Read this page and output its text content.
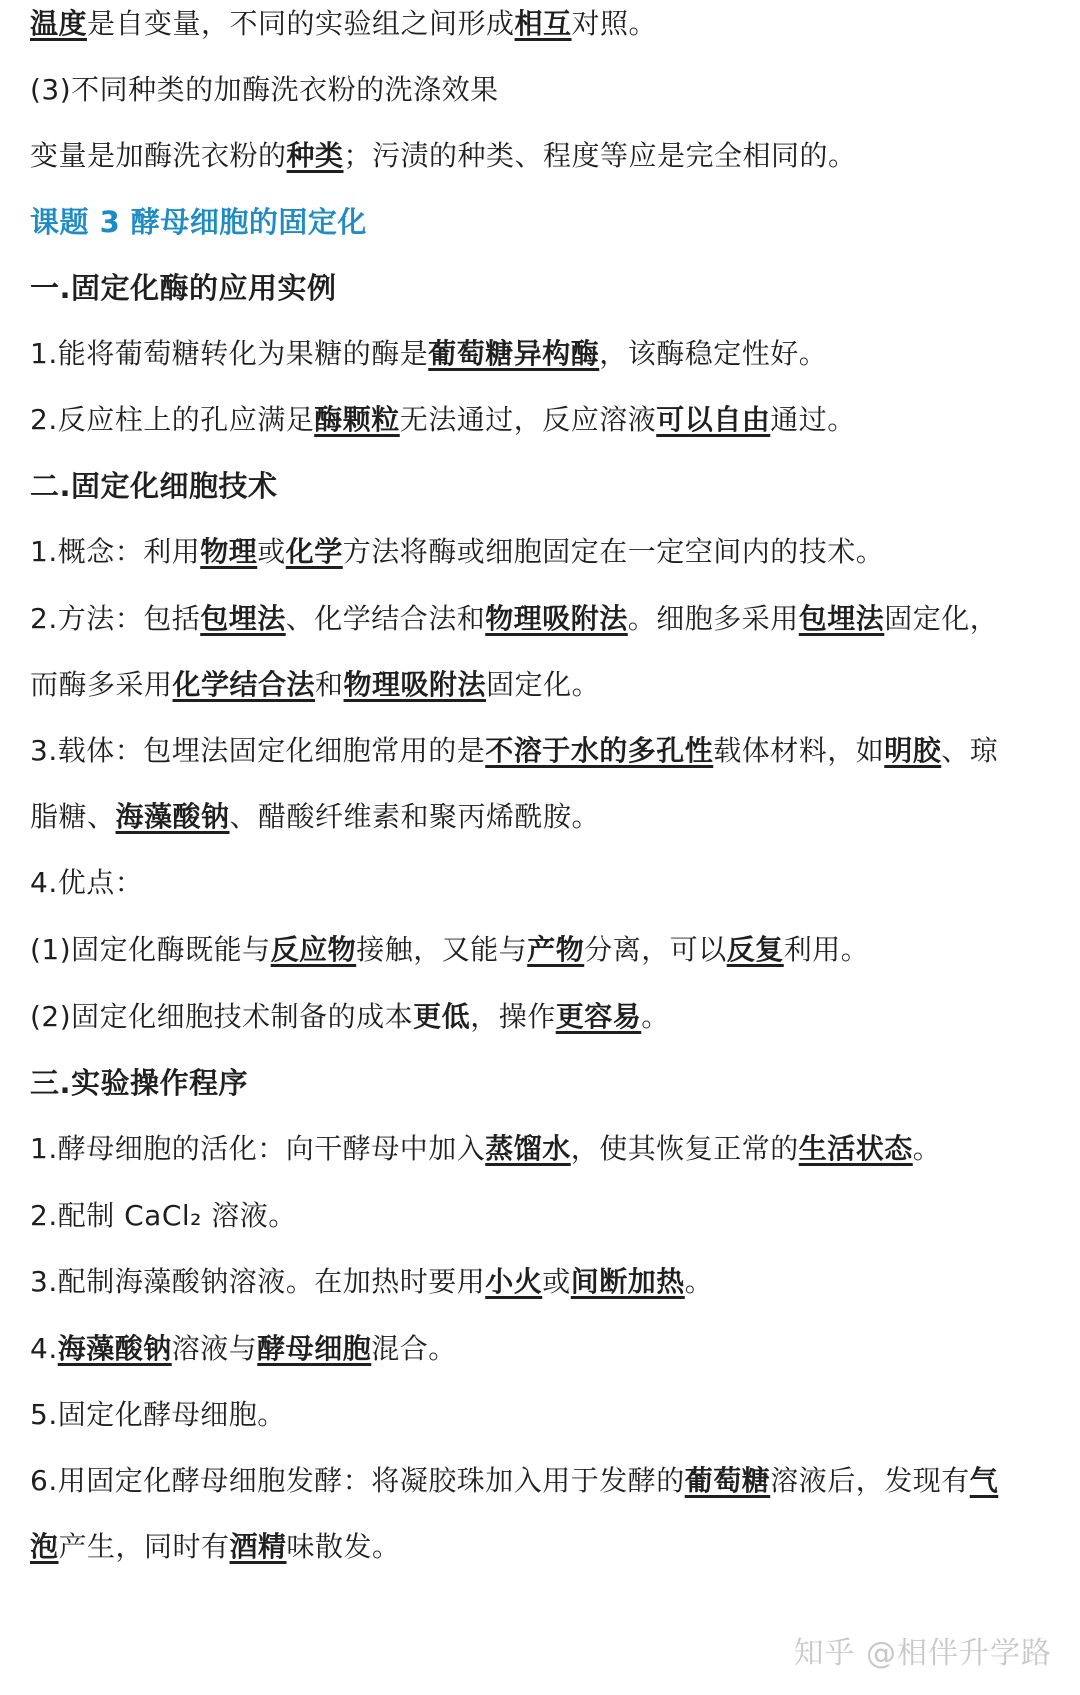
温度是自变量，不同的实验组之间形成相互对照。
(3)不同种类的加酶洗衣粉的洗涤效果
变量是加酶洗衣粉的种类；污渍的种类、程度等应是完全相同的。
课题 3 酵母细胞的固定化
一.固定化酶的应用实例
1.能将葡萄糖转化为果糖的酶是葡萄糖异构酶，该酶稳定性好。
2.反应柱上的孔应满足酶颗粒无法通过，反应溶液可以自由通过。
二.固定化细胞技术
1.概念：利用物理或化学方法将酶或细胞固定在一定空间内的技术。
2.方法：包括包埋法、化学结合法和物理吸附法。细胞多采用包埋法固定化，
而酶多采用化学结合法和物理吸附法固定化。
3.载体：包埋法固定化细胞常用的是不溶于水的多孔性载体材料，如明胶、琼
脂糖、海藻酸钠、醋酸纤维素和聚丙烯酰胺。
4.优点：
(1)固定化酶既能与反应物接触，又能与产物分离，可以反复利用。
(2)固定化细胞技术制备的成本更低，操作更容易。
三.实验操作程序
1.酵母细胞的活化：向干酵母中加入蒸馏水，使其恢复正常的生活状态。
2.配制 CaCl₂ 溶液。
3.配制海藻酸钠溶液。在加热时要用小火或间断加热。
4.海藻酸钠溶液与酵母细胞混合。
5.固定化酵母细胞。
6.用固定化酵母细胞发酵：将凝胶珠加入用于发酵的葡萄糖溶液后，发现有气
泡产生，同时有酒精味散发。
知乎 @相伴升学路
